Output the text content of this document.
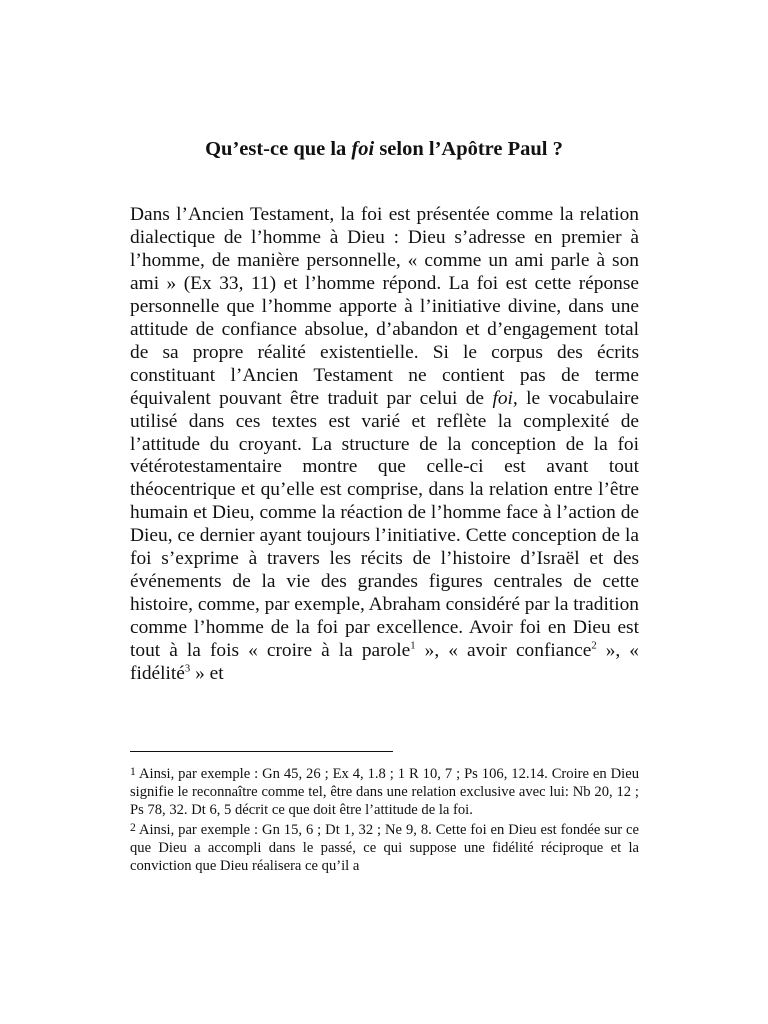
Qu’est-ce que la foi selon l’Apôtre Paul ?

Dans l’Ancien Testament, la foi est présentée comme la relation dialectique de l’homme à Dieu : Dieu s’adresse en premier à l’homme, de manière personnelle, « comme un ami parle à son ami » (Ex 33, 11) et l’homme répond. La foi est cette réponse personnelle que l’homme apporte à l’initiative divine, dans une attitude de confiance absolue, d’abandon et d’engagement total de sa propre réalité existentielle. Si le corpus des écrits constituant l’Ancien Testament ne contient pas de terme équivalent pouvant être traduit par celui de foi, le vocabulaire utilisé dans ces textes est varié et reflète la complexité de l’attitude du croyant. La structure de la conception de la foi vétérotestamentaire montre que celle-ci est avant tout théocentrique et qu’elle est comprise, dans la relation entre l’être humain et Dieu, comme la réaction de l’homme face à l’action de Dieu, ce dernier ayant toujours l’initiative. Cette conception de la foi s’exprime à travers les récits de l’histoire d’Israël et des événements de la vie des grandes figures centrales de cette histoire, comme, par exemple, Abraham considéré par la tradition comme l’homme de la foi par excellence. Avoir foi en Dieu est tout à la fois « croire à la parole$^1$ », « avoir confiance$^2$ », « fidélité$^3$ » et

$^1$ Ainsi, par exemple : Gn 45, 26 ; Ex 4, 1.8 ; 1 R 10, 7 ; Ps 106, 12.14. Croire en Dieu signifie le reconnaître comme tel, être dans une relation exclusive avec lui: Nb 20, 12 ; Ps 78, 32. Dt 6, 5 décrit ce que doit être l’attitude de la foi.

$^2$ Ainsi, par exemple : Gn 15, 6 ; Dt 1, 32 ; Ne 9, 8. Cette foi en Dieu est fondée sur ce que Dieu a accompli dans le passé, ce qui suppose une fidélité réciproque et la conviction que Dieu réalisera ce qu’il a
